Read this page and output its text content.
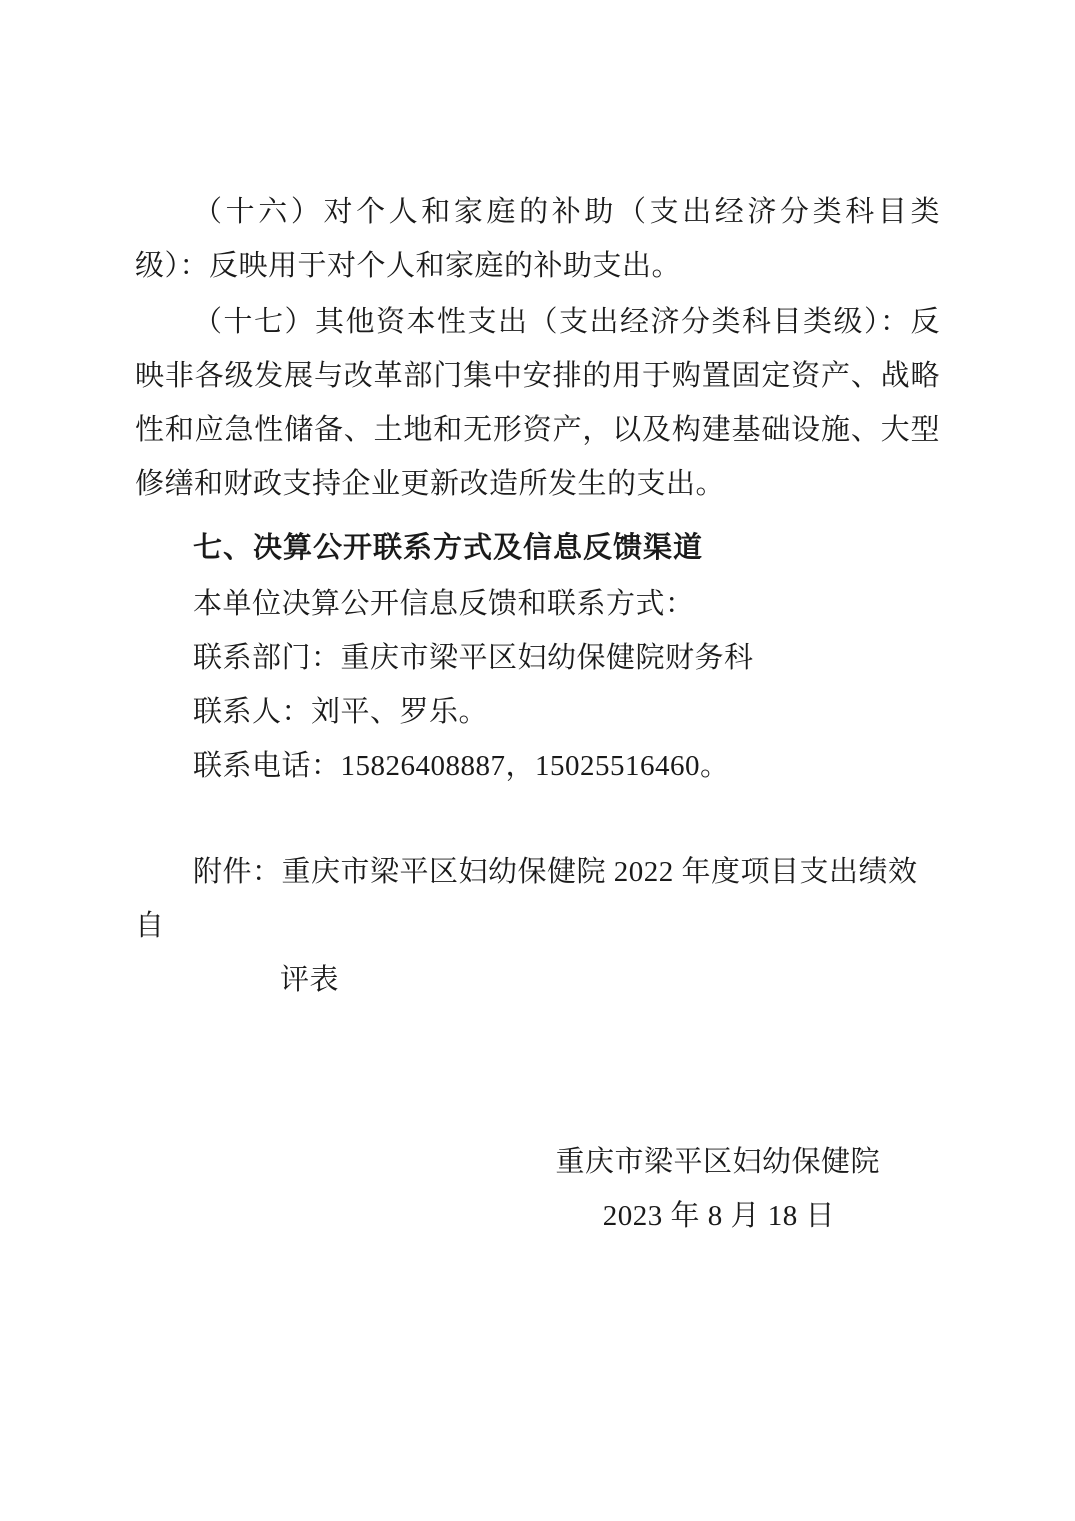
（十六）对个人和家庭的补助（支出经济分类科目类级）：反映用于对个人和家庭的补助支出。

（十七）其他资本性支出（支出经济分类科目类级）：反映非各级发展与改革部门集中安排的用于购置固定资产、战略性和应急性储备、土地和无形资产，以及构建基础设施、大型修缮和财政支持企业更新改造所发生的支出。

七、决算公开联系方式及信息反馈渠道

本单位决算公开信息反馈和联系方式：

联系部门：重庆市梁平区妇幼保健院财务科

联系人：刘平、罗乐。

联系电话：15826408887，15025516460。

附件：重庆市梁平区妇幼保健院 2022 年度项目支出绩效自

评表

重庆市梁平区妇幼保健院
2023 年 8 月 18 日
